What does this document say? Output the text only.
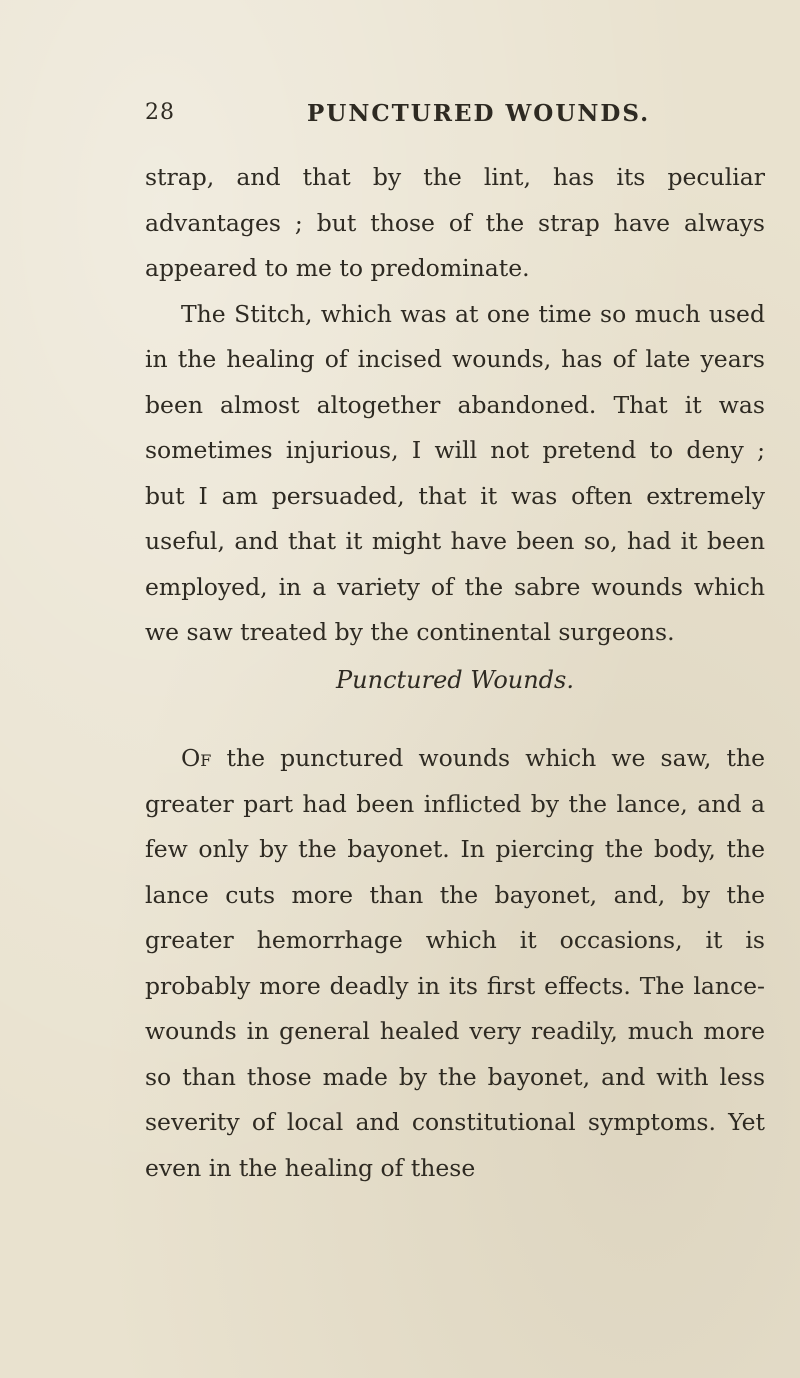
28	PUNCTURED WOUNDS.

strap, and that by the lint, has its peculiar advantages ; but those of the strap have always appeared to me to predominate.
The Stitch, which was at one time so much used in the healing of incised wounds, has of late years been almost altogether abandoned. That it was sometimes injurious, I will not pretend to deny ; but I am persuaded, that it was often extremely useful, and that it might have been so, had it been employed, in a variety of the sabre wounds which we saw treated by the continental surgeons.

Punctured Wounds.

Of the punctured wounds which we saw, the greater part had been inflicted by the lance, and a few only by the bayonet. In piercing the body, the lance cuts more than the bayonet, and, by the greater hemorrhage which it occasions, it is probably more deadly in its first effects. The lance-wounds in general healed very readily, much more so than those made by the bayonet, and with less severity of local and constitutional symptoms. Yet even in the healing of these
